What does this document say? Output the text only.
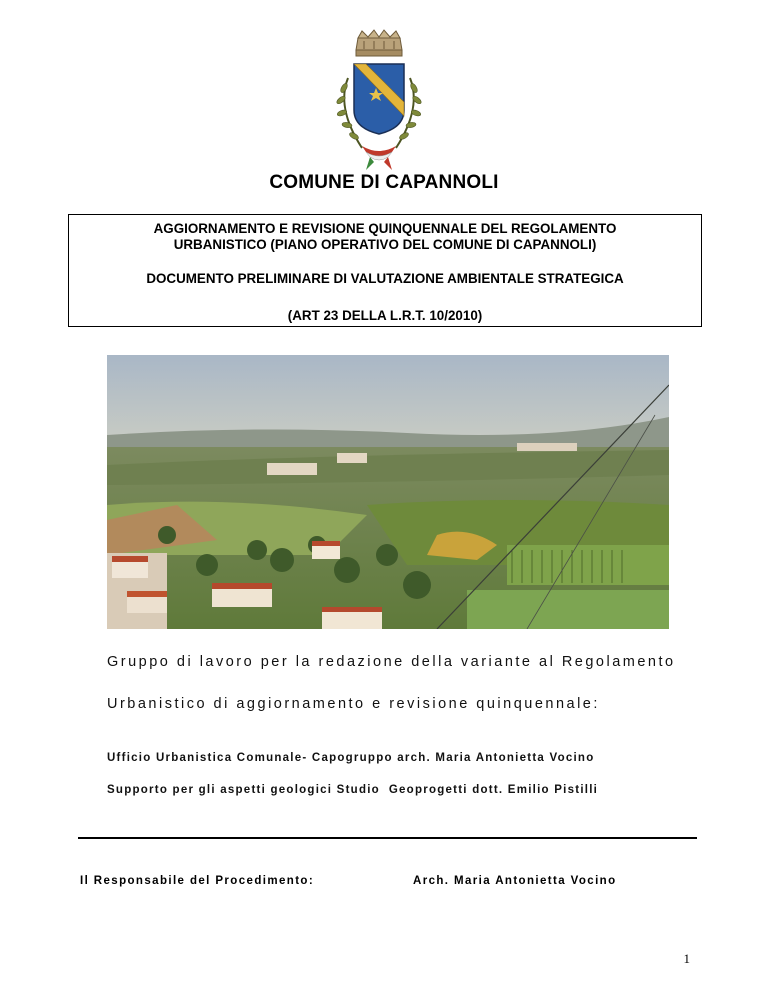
COMUNE DI CAPANNOLI
AGGIORNAMENTO E REVISIONE QUINQUENNALE DEL REGOLAMENTO
URBANISTICO (PIANO OPERATIVO DEL COMUNE DI CAPANNOLI)
DOCUMENTO PRELIMINARE DI VALUTAZIONE AMBIENTALE STRATEGICA
(ART 23 DELLA L.R.T. 10/2010)
Gruppo di lavoro per la redazione della variante al Regolamento
Urbanistico di aggiornamento e revisione quinquennale:
Ufficio Urbanistica Comunale- Capogruppo arch. Maria Antonietta Vocino
Supporto per gli aspetti geologici Studio  Geoprogetti dott. Emilio Pistilli
Il Responsabile del Procedimento:	Arch. Maria Antonietta Vocino
1
